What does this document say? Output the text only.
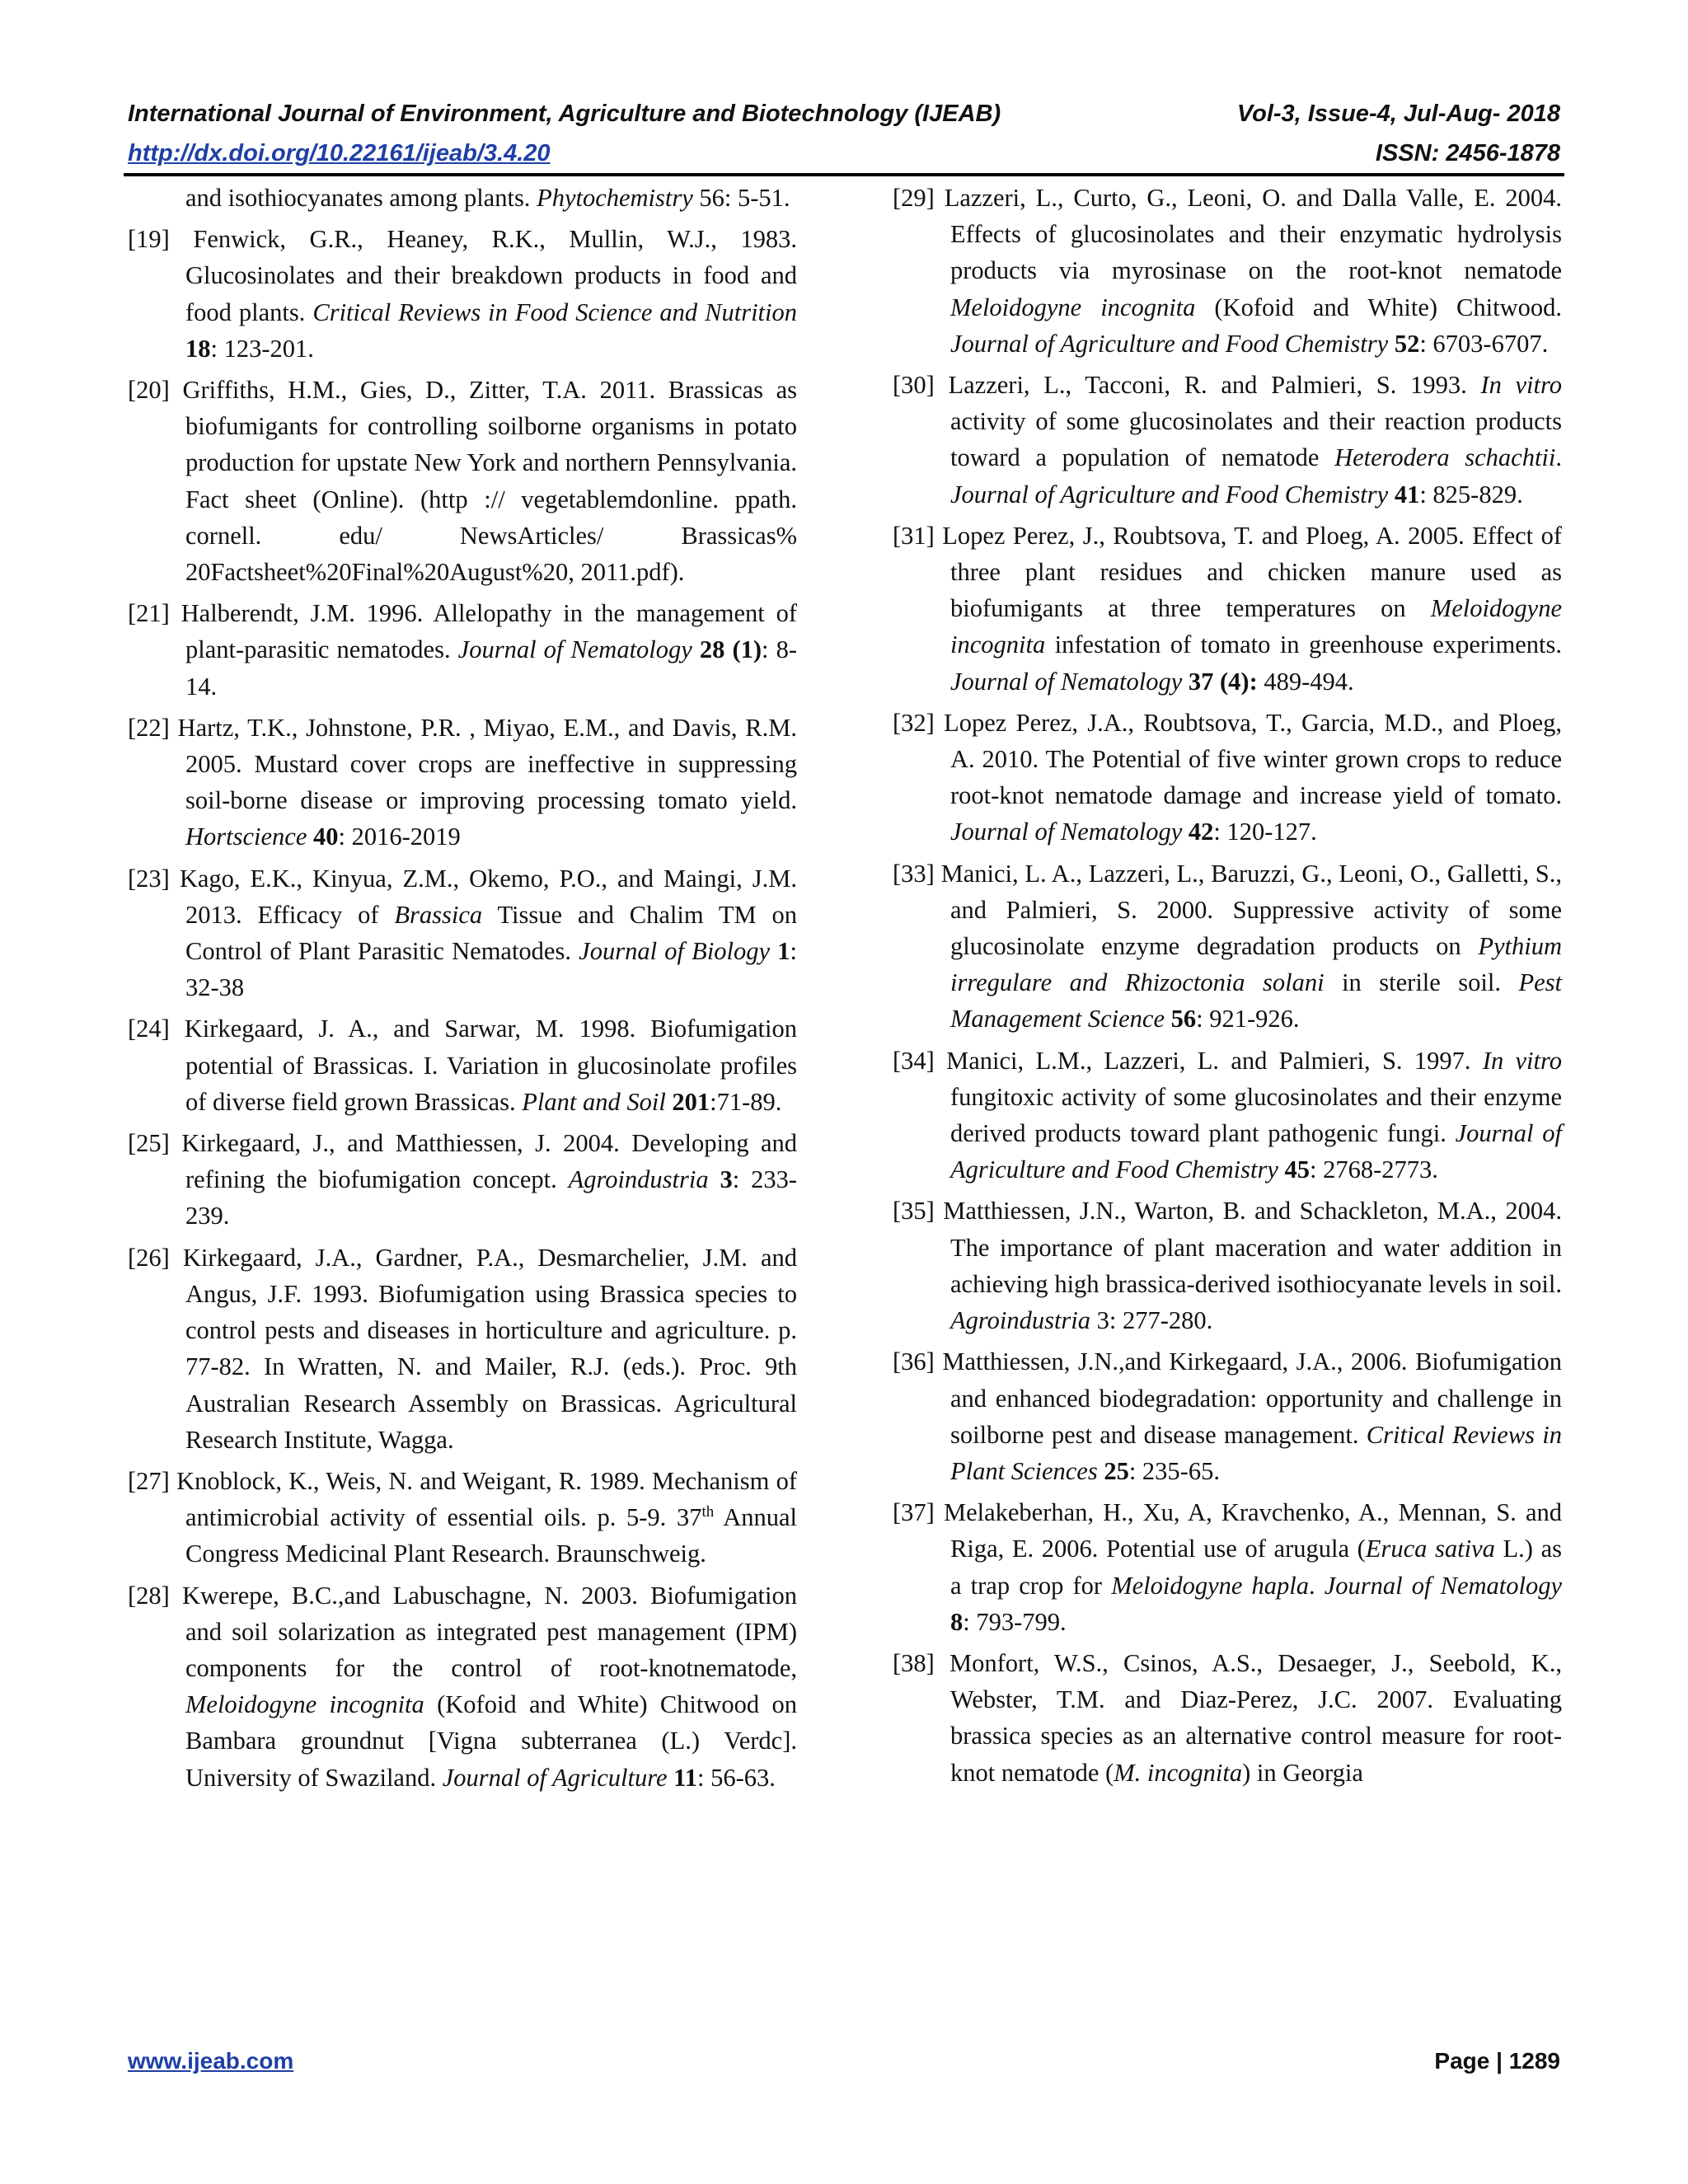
International Journal of Environment, Agriculture and Biotechnology (IJEAB)	Vol-3, Issue-4, Jul-Aug- 2018
http://dx.doi.org/10.22161/ijeab/3.4.20	ISSN: 2456-1878

and isothiocyanates among plants. Phytochemistry 56: 5-51.

[19] Fenwick, G.R., Heaney, R.K., Mullin, W.J., 1983. Glucosinolates and their breakdown products in food and food plants. Critical Reviews in Food Science and Nutrition 18: 123-201.

[20] Griffiths, H.M., Gies, D., Zitter, T.A. 2011. Brassicas as biofumigants for controlling soilborne organisms in potato production for upstate New York and northern Pennsylvania. Fact sheet (Online). (http :// vegetablemdonline. ppath. cornell. edu/ NewsArticles/ Brassicas% 20Factsheet%20Final%20August%20, 2011.pdf).

[21] Halberendt, J.M. 1996. Allelopathy in the management of plant-parasitic nematodes. Journal of Nematology 28 (1): 8-14.

[22] Hartz, T.K., Johnstone, P.R. , Miyao, E.M., and Davis, R.M. 2005. Mustard cover crops are ineffective in suppressing soil-borne disease or improving processing tomato yield. Hortscience 40: 2016-2019

[23] Kago, E.K., Kinyua, Z.M., Okemo, P.O., and Maingi, J.M. 2013. Efficacy of Brassica Tissue and Chalim TM on Control of Plant Parasitic Nematodes. Journal of Biology 1: 32-38

[24] Kirkegaard, J. A., and Sarwar, M. 1998. Biofumigation potential of Brassicas. I. Variation in glucosinolate profiles of diverse field grown Brassicas. Plant and Soil 201:71-89.

[25] Kirkegaard, J., and Matthiessen, J. 2004. Developing and refining the biofumigation concept. Agroindustria 3: 233-239.

[26] Kirkegaard, J.A., Gardner, P.A., Desmarchelier, J.M. and Angus, J.F. 1993. Biofumigation using Brassica species to control pests and diseases in horticulture and agriculture. p. 77-82. In Wratten, N. and Mailer, R.J. (eds.). Proc. 9th Australian Research Assembly on Brassicas. Agricultural Research Institute, Wagga.

[27] Knoblock, K., Weis, N. and Weigant, R. 1989. Mechanism of antimicrobial activity of essential oils. p. 5-9. 37th Annual Congress Medicinal Plant Research. Braunschweig.

[28] Kwerepe, B.C.,and Labuschagne, N. 2003. Biofumigation and soil solarization as integrated pest management (IPM) components for the control of root-knotnematode, Meloidogyne incognita (Kofoid and White) Chitwood on Bambara groundnut [Vigna subterranea (L.) Verdc]. University of Swaziland. Journal of Agriculture 11: 56-63.

[29] Lazzeri, L., Curto, G., Leoni, O. and Dalla Valle, E. 2004. Effects of glucosinolates and their enzymatic hydrolysis products via myrosinase on the root-knot nematode Meloidogyne incognita (Kofoid and White) Chitwood. Journal of Agriculture and Food Chemistry 52: 6703-6707.

[30] Lazzeri, L., Tacconi, R. and Palmieri, S. 1993. In vitro activity of some glucosinolates and their reaction products toward a population of nematode Heterodera schachtii. Journal of Agriculture and Food Chemistry 41: 825-829.

[31] Lopez Perez, J., Roubtsova, T. and Ploeg, A. 2005. Effect of three plant residues and chicken manure used as biofumigants at three temperatures on Meloidogyne incognita infestation of tomato in greenhouse experiments. Journal of Nematology 37 (4): 489-494.

[32] Lopez Perez, J.A., Roubtsova, T., Garcia, M.D., and Ploeg, A. 2010. The Potential of five winter grown crops to reduce root-knot nematode damage and increase yield of tomato. Journal of Nematology 42: 120-127.

[33] Manici, L. A., Lazzeri, L., Baruzzi, G., Leoni, O., Galletti, S., and Palmieri, S. 2000. Suppressive activity of some glucosinolate enzyme degradation products on Pythium irregulare and Rhizoctonia solani in sterile soil. Pest Management Science 56: 921-926.

[34] Manici, L.M., Lazzeri, L. and Palmieri, S. 1997. In vitro fungitoxic activity of some glucosinolates and their enzyme derived products toward plant pathogenic fungi. Journal of Agriculture and Food Chemistry 45: 2768-2773.

[35] Matthiessen, J.N., Warton, B. and Schackleton, M.A., 2004. The importance of plant maceration and water addition in achieving high brassica-derived isothiocyanate levels in soil. Agroindustria 3: 277-280.

[36] Matthiessen, J.N.,and Kirkegaard, J.A., 2006. Biofumigation and enhanced biodegradation: opportunity and challenge in soilborne pest and disease management. Critical Reviews in Plant Sciences 25: 235-65.

[37] Melakeberhan, H., Xu, A, Kravchenko, A., Mennan, S. and Riga, E. 2006. Potential use of arugula (Eruca sativa L.) as a trap crop for Meloidogyne hapla. Journal of Nematology 8: 793-799.

[38] Monfort, W.S., Csinos, A.S., Desaeger, J., Seebold, K., Webster, T.M. and Diaz-Perez, J.C. 2007. Evaluating brassica species as an alternative control measure for root-knot nematode (M. incognita) in Georgia

www.ijeab.com	Page | 1289
